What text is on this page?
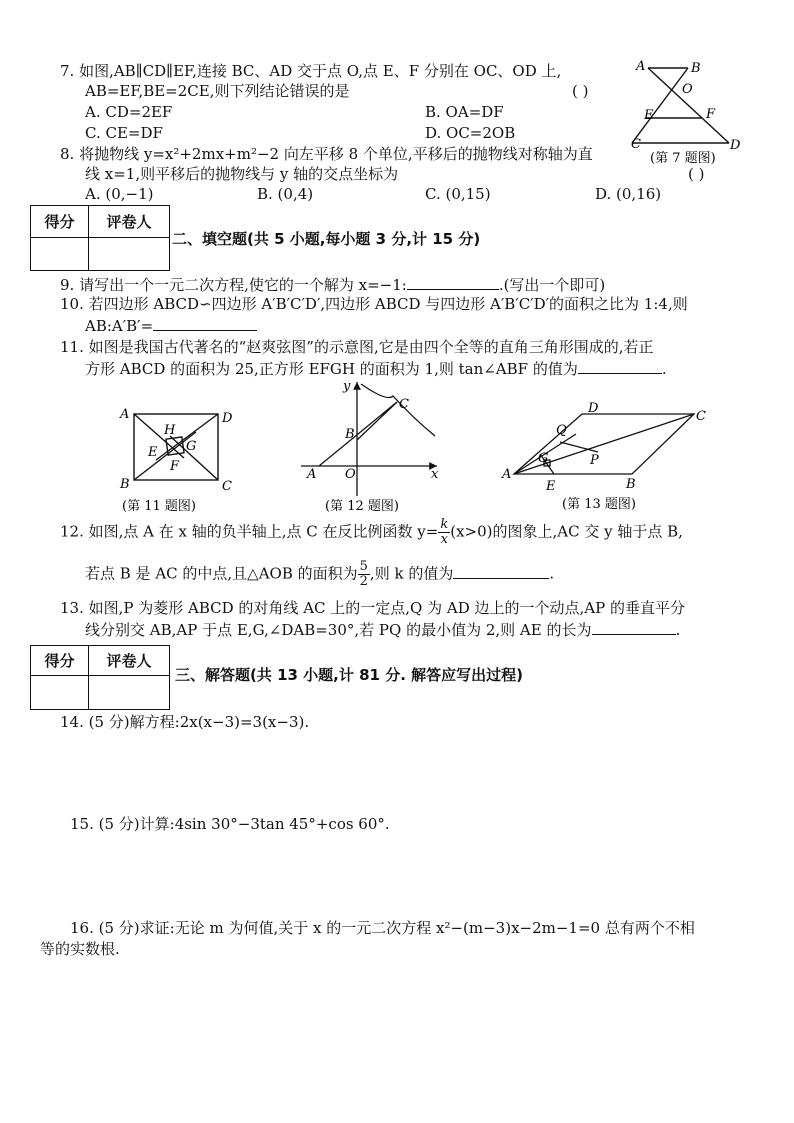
7. 如图,AB∥CD∥EF,连接 BC、AD 交于点 O,点 E、F 分别在 OC、OD 上,
AB=EF,BE=2CE,则下列结论错误的是	( )
A. CD=2EF	B. OA=DF
C. CE=DF	D. OC=2OB
A	B
O
E	F
C	D
(第 7 题图)
8. 将抛物线 y=x²+2mx+m²−2 向左平移 8 个单位,平移后的抛物线对称轴为直
线 x=1,则平移后的抛物线与 y 轴的交点坐标为	( )
A. (0,−1)	B. (0,4)	C. (0,15)	D. (0,16)
得分	评卷人

二、填空题(共 5 小题,每小题 3 分,计 15 分)
9. 请写出一个一元二次方程,使它的一个解为 x=−1:	.(写出一个即可)
10. 若四边形 ABCD∽四边形 A′B′C′D′,四边形 ABCD 与四边形 A′B′C′D′的面积之比为 1:4,则
AB:A′B′=
11. 如图是我国古代著名的“赵爽弦图”的示意图,它是由四个全等的直角三角形围成的,若正
方形 ABCD 的面积为 25,正方形 EFGH 的面积为 1,则 tan∠ABF 的值为	.
A	D
B	C
H
G
E
F
(第 11 题图)
y
x
C
B
A O
(第 12 题图)
D
C
Q
G	P
A
E	B
(第 13 题图)
12. 如图,点 A 在 x 轴的负半轴上,点 C 在反比例函数 $y= \frac{k}{x} (x>0)$的图象上,AC 交 y 轴于点 B,
若点 B 是 AC 的中点,且△AOB 的面积为 $\frac{5}{2}$ ,则 k 的值为	.
13. 如图,P 为菱形 ABCD 的对角线 AC 上的一定点,Q 为 AD 边上的一个动点,AP 的垂直平分
线分别交 AB,AP 于点 E,G,∠DAB=30°,若 PQ 的最小值为 2,则 AE 的长为	.
得分	评卷人

三、解答题(共 13 小题,计 81 分. 解答应写出过程)
14. (5 分)解方程:2x(x−3)=3(x−3).
15. (5 分)计算:4sin 30°−3tan 45°+cos 60°.
16. (5 分)求证:无论 m 为何值,关于 x 的一元二次方程 x²−(m−3)x−2m−1=0 总有两个不相
等的实数根.
